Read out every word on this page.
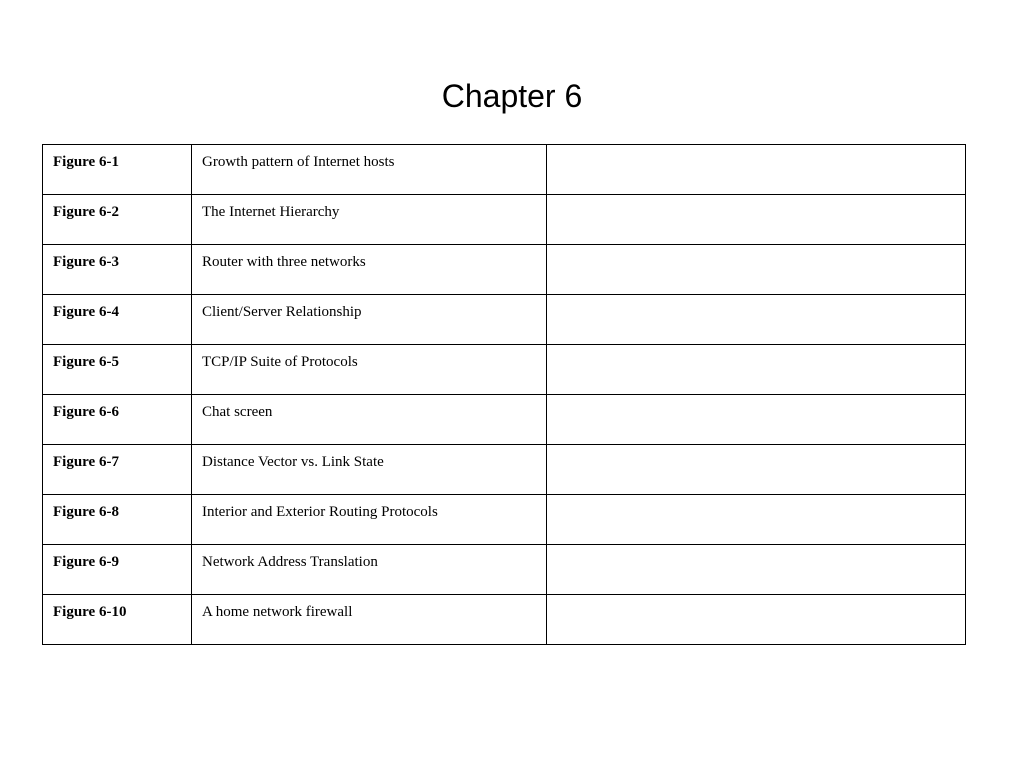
Chapter 6
Figure 6-1	Growth pattern of Internet hosts	
Figure 6-2	The Internet Hierarchy	
Figure 6-3	Router with three networks	
Figure 6-4	Client/Server Relationship	
Figure 6-5	TCP/IP Suite of Protocols	
Figure 6-6	Chat screen	
Figure 6-7	Distance Vector vs. Link State	
Figure 6-8	Interior and Exterior Routing Protocols	
Figure 6-9	Network Address Translation	
Figure 6-10	A home network firewall	
